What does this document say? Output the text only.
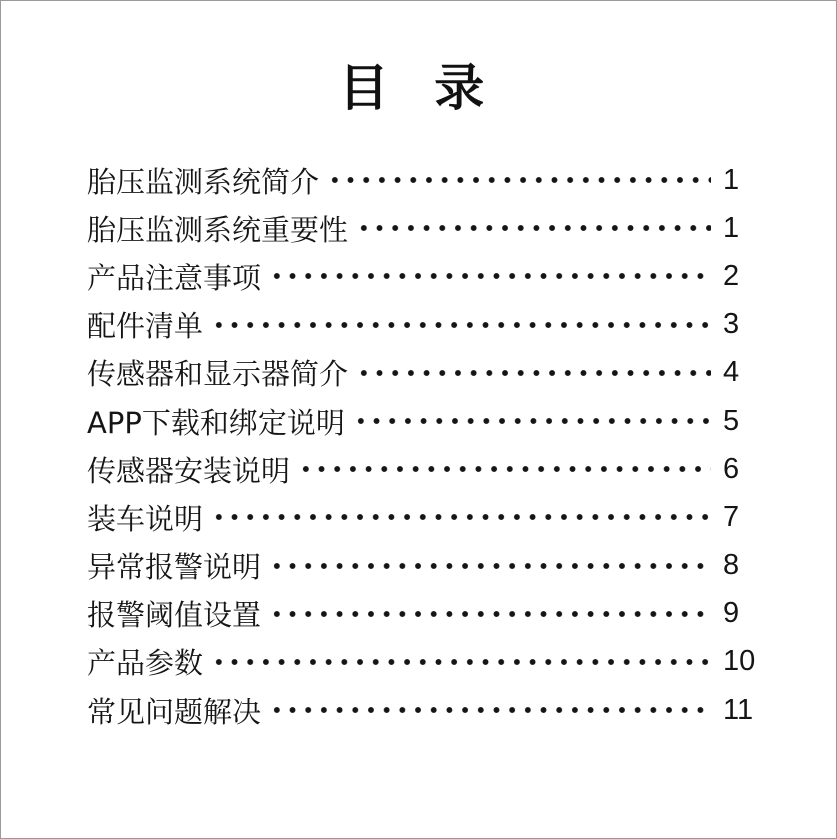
目 录
胎压监测系统简介	1
胎压监测系统重要性	1
产品注意事项	2
配件清单	3
传感器和显示器简介	4
APP下载和绑定说明	5
传感器安装说明	6
装车说明	7
异常报警说明	8
报警阈值设置	9
产品参数	10
常见问题解决	11
